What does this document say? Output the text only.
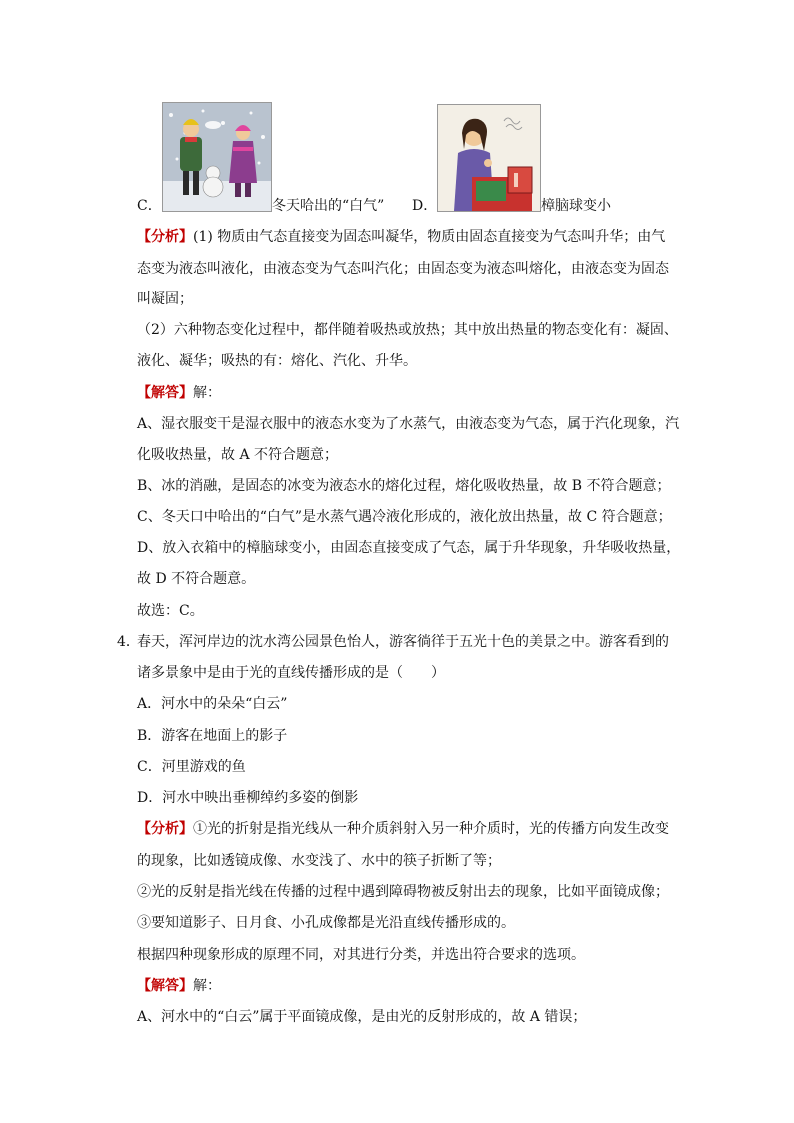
C．	冬天哈出的“白气” D．	樟脑球变小
【分析】(1) 物质由气态直接变为固态叫凝华，物质由固态直接变为气态叫升华；由气
态变为液态叫液化，由液态变为气态叫汽化；由固态变为液态叫熔化，由液态变为固态
叫凝固；
（2）六种物态变化过程中，都伴随着吸热或放热；其中放出热量的物态变化有：凝固、
液化、凝华；吸热的有：熔化、汽化、升华。
【解答】解：
A、湿衣服变干是湿衣服中的液态水变为了水蒸气，由液态变为气态，属于汽化现象，汽
化吸收热量，故 A 不符合题意；
B、冰的消融，是固态的冰变为液态水的熔化过程，熔化吸收热量，故 B 不符合题意；
C、冬天口中哈出的“白气”是水蒸气遇冷液化形成的，液化放出热量，故 C 符合题意；
D、放入衣箱中的樟脑球变小，由固态直接变成了气态，属于升华现象，升华吸收热量，
故 D 不符合题意。
故选：C。
4．
春天，浑河岸边的沈水湾公园景色怡人，游客徜徉于五光十色的美景之中。游客看到的
诸多景象中是由于光的直线传播形成的是（　　）
A．河水中的朵朵“白云”
B．游客在地面上的影子
C．河里游戏的鱼
D．河水中映出垂柳绰约多姿的倒影
【分析】①光的折射是指光线从一种介质斜射入另一种介质时，光的传播方向发生改变
的现象，比如透镜成像、水变浅了、水中的筷子折断了等；
②光的反射是指光线在传播的过程中遇到障碍物被反射出去的现象，比如平面镜成像；
③要知道影子、日月食、小孔成像都是光沿直线传播形成的。
根据四种现象形成的原理不同，对其进行分类，并选出符合要求的选项。
【解答】解：
A、河水中的“白云”属于平面镜成像，是由光的反射形成的，故 A 错误；
